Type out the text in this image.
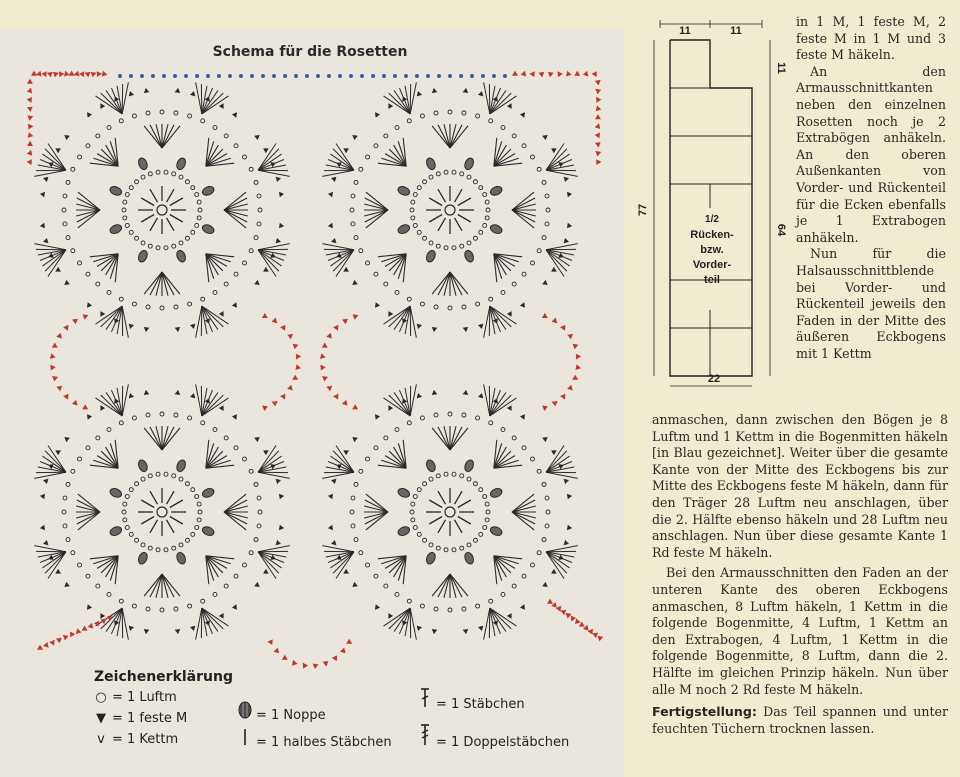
Schema für die Rosetten
Zeichenerklärung
○ = 1 Luftm
▼ = 1 feste M
v = 1 Kettm
= 1 Noppe
= 1 halbes Stäbchen
= 1 Stäbchen
= 1 Doppelstäbchen
11	11
11
77
64
22
1/2
Rücken-
bzw.
Vorder-
teil

in 1 M, 1 feste M, 2 feste M in 1 M und 3 feste M häkeln.

An den Armausschnittkanten neben den einzelnen Rosetten noch je 2 Extrabögen anhäkeln. An den oberen Außenkanten von Vorder- und Rückenteil für die Ecken ebenfalls je 1 Extrabogen anhäkeln.

Nun für die Halsausschnittblende bei Vorder- und Rückenteil jeweils den Faden in der Mitte des äußeren Eckbogens mit 1 Kettm

anmaschen, dann zwischen den Bögen je 8 Luftm und 1 Kettm in die Bogenmitten häkeln [in Blau gezeichnet]. Weiter über die gesamte Kante von der Mitte des Eckbogens bis zur Mitte des Eckbogens feste M häkeln, dann für den Träger 28 Luftm neu anschlagen, über die 2. Hälfte ebenso häkeln und 28 Luftm neu anschlagen. Nun über diese gesamte Kante 1 Rd feste M häkeln.

Bei den Armausschnitten den Faden an der unteren Kante des oberen Eckbogens anmaschen, 8 Luftm häkeln, 1 Kettm in die folgende Bogenmitte, 4 Luftm, 1 Kettm an den Extrabogen, 4 Luftm, 1 Kettm in die folgende Bogenmitte, 8 Luftm, dann die 2. Hälfte im gleichen Prinzip häkeln. Nun über alle M noch 2 Rd feste M häkeln.

Fertigstellung: Das Teil spannen und unter feuchten Tüchern trocknen lassen.
